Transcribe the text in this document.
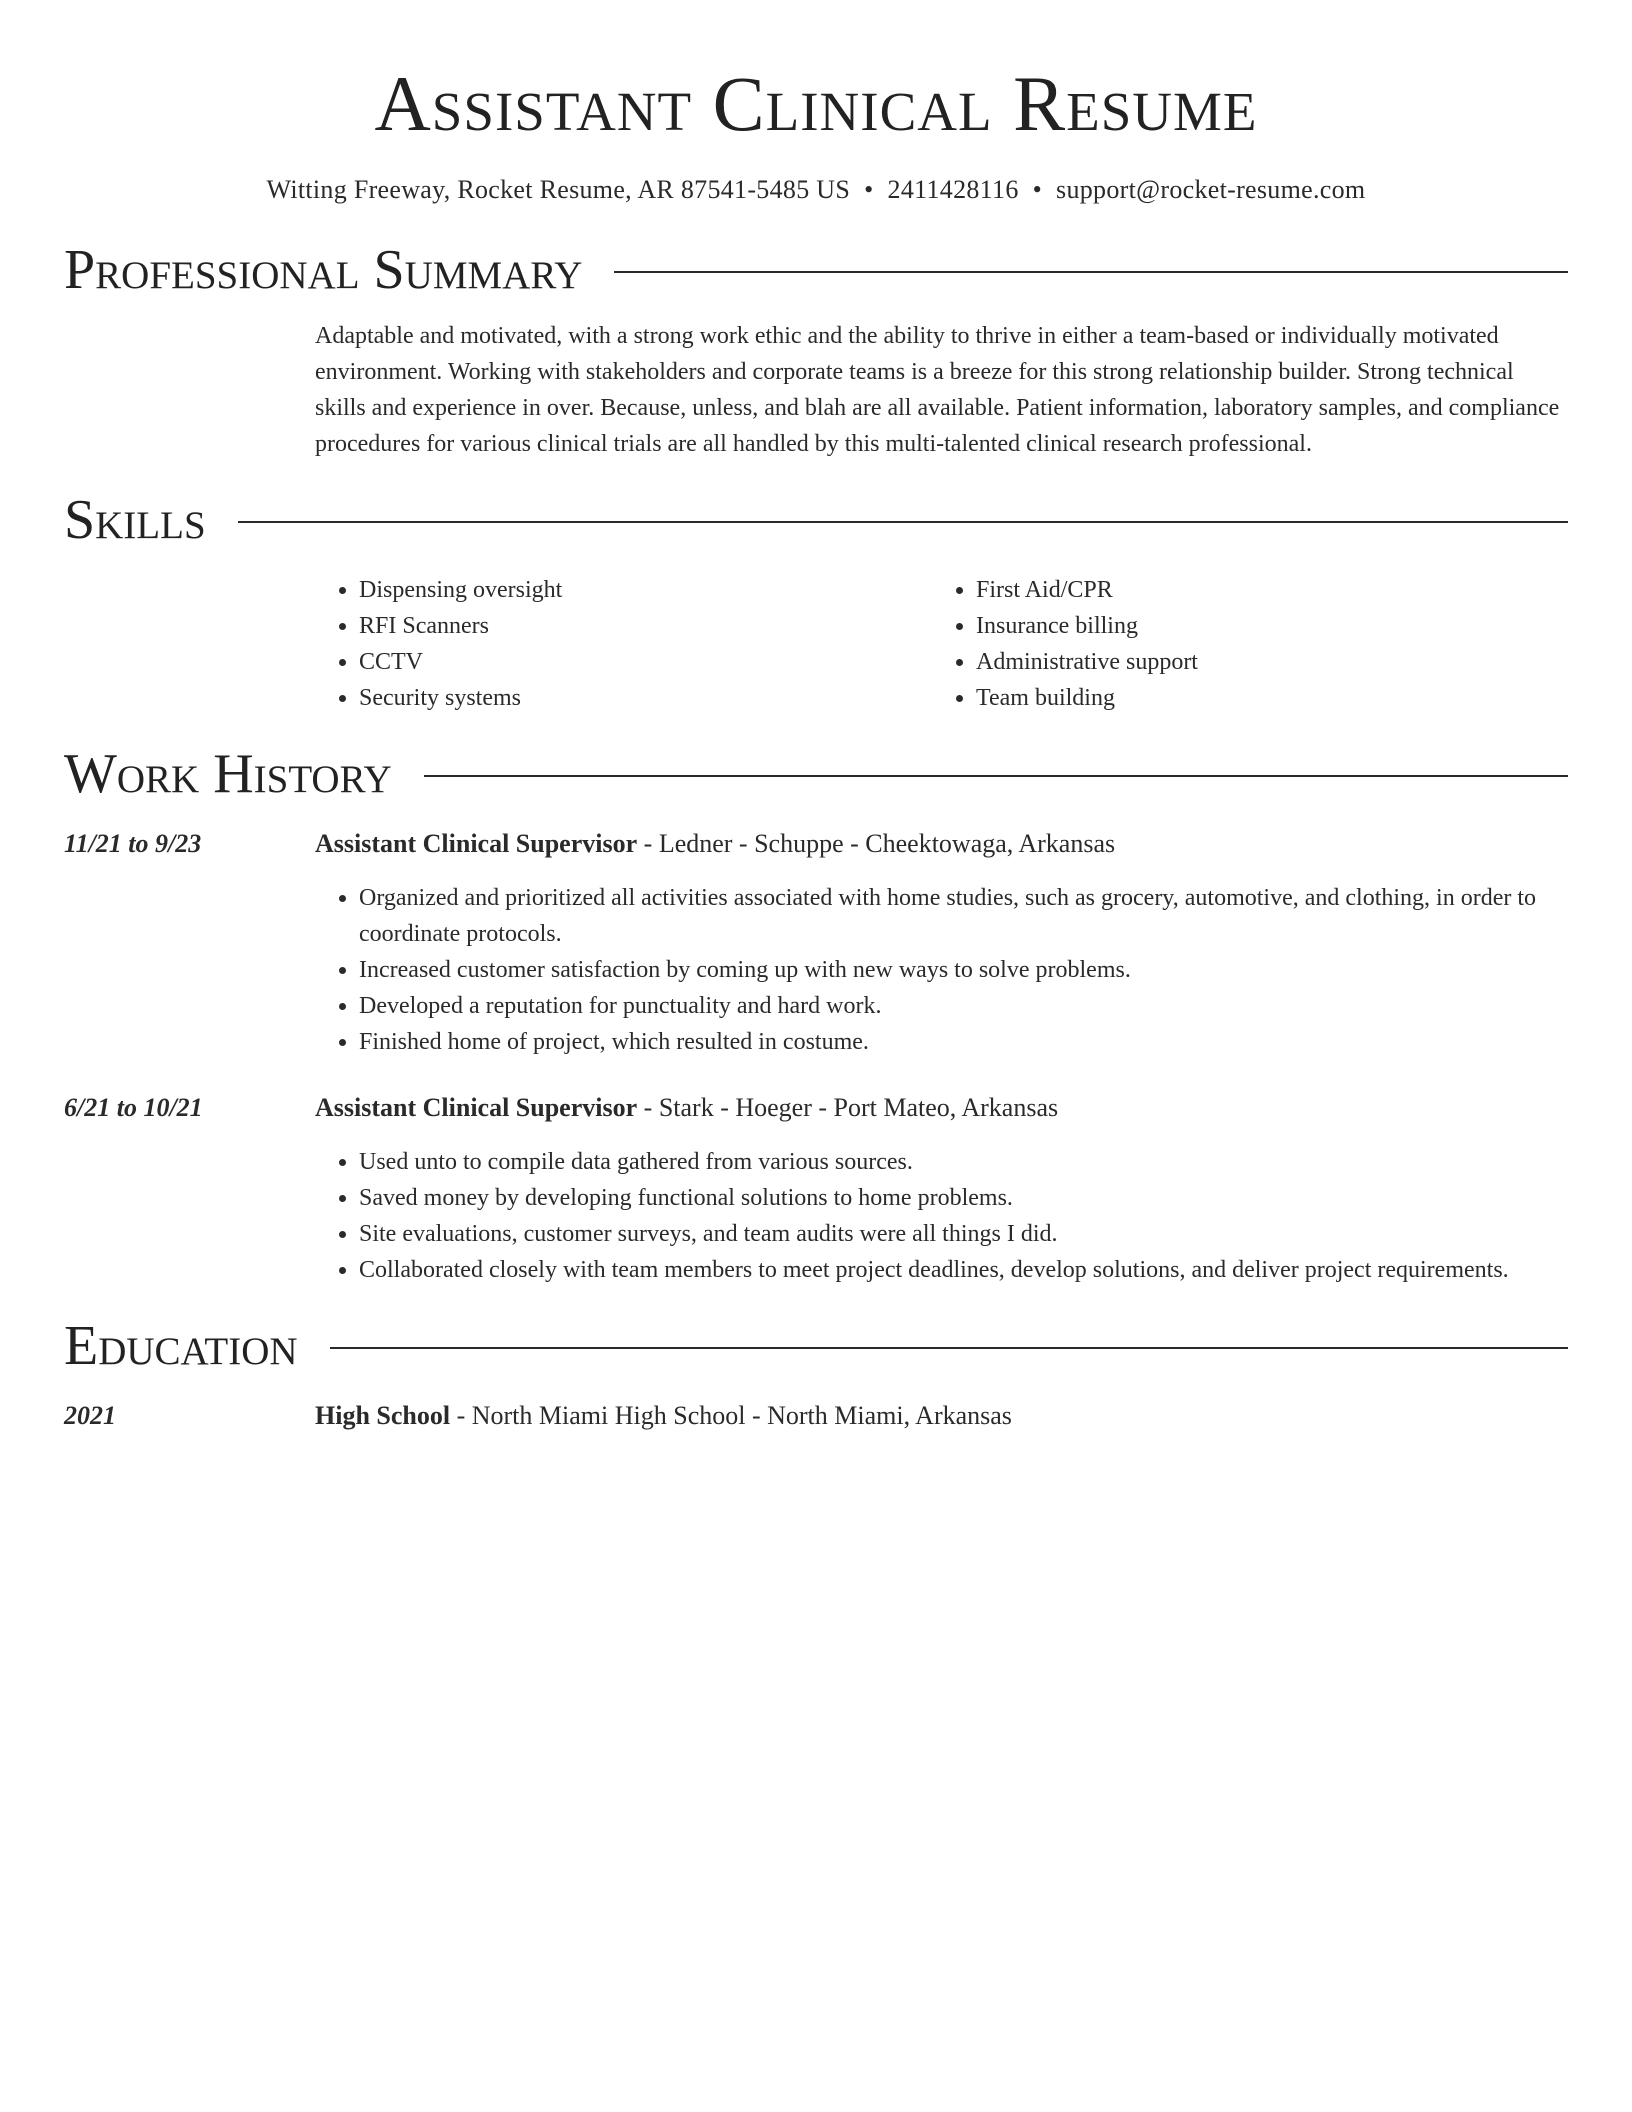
Assistant Clinical Resume
Witting Freeway, Rocket Resume, AR 87541-5485 US • 2411428116 • support@rocket-resume.com
Professional Summary
Adaptable and motivated, with a strong work ethic and the ability to thrive in either a team-based or individually motivated environment. Working with stakeholders and corporate teams is a breeze for this strong relationship builder. Strong technical skills and experience in over. Because, unless, and blah are all available. Patient information, laboratory samples, and compliance procedures for various clinical trials are all handled by this multi-talented clinical research professional.
Skills
• Dispensing oversight
• RFI Scanners
• CCTV
• Security systems
• First Aid/CPR
• Insurance billing
• Administrative support
• Team building
Work History
11/21 to 9/23	Assistant Clinical Supervisor - Ledner - Schuppe - Cheektowaga, Arkansas
• Organized and prioritized all activities associated with home studies, such as grocery, automotive, and clothing, in order to coordinate protocols.
• Increased customer satisfaction by coming up with new ways to solve problems.
• Developed a reputation for punctuality and hard work.
• Finished home of project, which resulted in costume.
6/21 to 10/21	Assistant Clinical Supervisor - Stark - Hoeger - Port Mateo, Arkansas
• Used unto to compile data gathered from various sources.
• Saved money by developing functional solutions to home problems.
• Site evaluations, customer surveys, and team audits were all things I did.
• Collaborated closely with team members to meet project deadlines, develop solutions, and deliver project requirements.
Education
2021	High School - North Miami High School - North Miami, Arkansas
